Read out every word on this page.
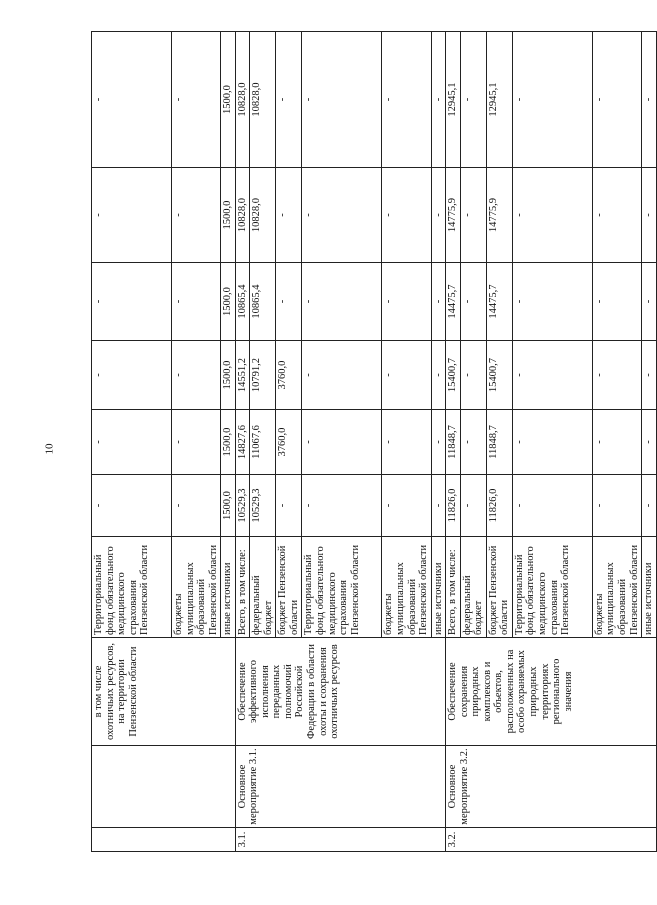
10
		в том числе охотничьих ресурсов, на территории Пензенской области	Территориальный фонд обязательного медицинского страхования Пензенской области	-	-	-	-	-	-
			бюджеты муниципальных образований Пензенской области	-	-	-	-	-	-
			иные источники	1500,0	1500,0	1500,0	1500,0	1500,0	1500,0
3.1.	Основное мероприятие 3.1.	Обеспечение эффективного исполнения переданных полномочий Российской Федерации в области охоты и сохранения охотничьих ресурсов	Всего, в том числе:	10529,3	14827,6	14551,2	10865,4	10828,0	10828,0
			федеральный бюджет	10529,3	11067,6	10791,2	10865,4	10828,0	10828,0
			бюджет Пензенской области	-	3760,0	3760,0	-	-	-
			Территориальный фонд обязательного медицинского страхования Пензенской области	-	-	-	-	-	-
			бюджеты муниципальных образований Пензенской области	-	-	-	-	-	-
			иные источники	-	-	-	-	-	-
3.2.	Основное мероприятие 3.2.	Обеспечение сохранения природных комплексов и объектов, расположенных на особо охраняемых природных территориях регионального значения	Всего, в том числе:	11826,0	11848,7	15400,7	14475,7	14775,9	12945,1
			федеральный бюджет	-	-	-	-	-	-
			бюджет Пензенской области	11826,0	11848,7	15400,7	14475,7	14775,9	12945,1
			Территориальный фонд обязательного медицинского страхования Пензенской области	-	-	-	-	-	-
			бюджеты муниципальных образований Пензенской области	-	-	-	-	-	-
			иные источники	-	-	-	-	-	-
